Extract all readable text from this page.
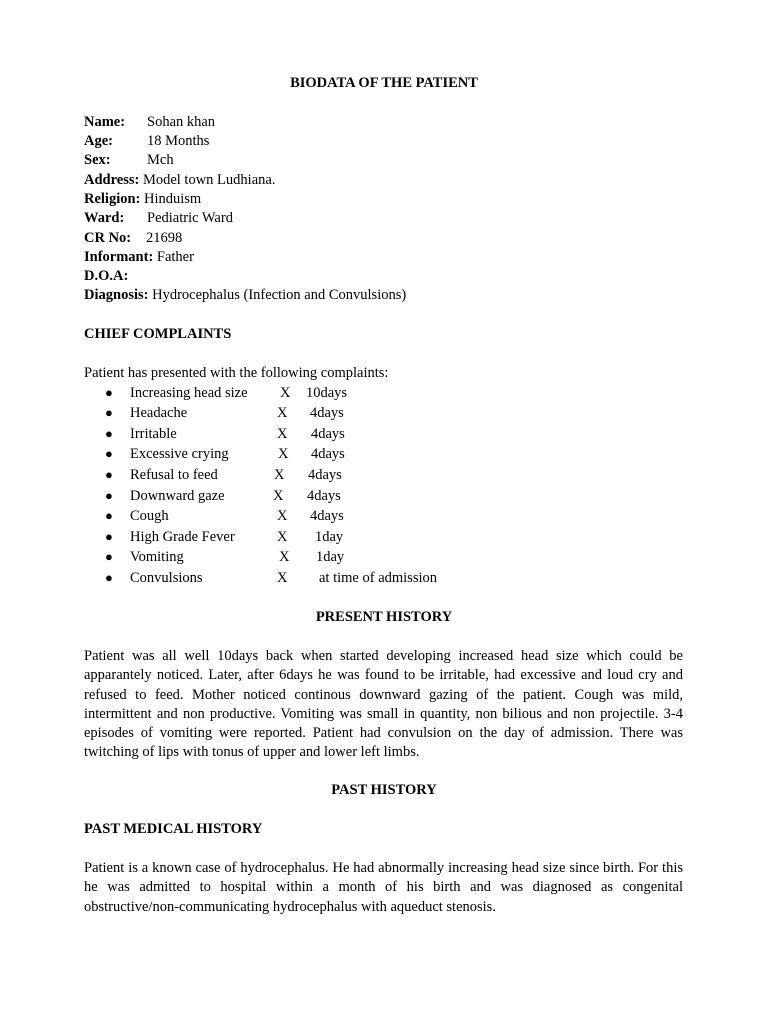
BIODATA OF THE PATIENT
Name: Sohan khan
Age: 18 Months
Sex:	Mch
Address: Model town Ludhiana.
Religion: Hinduism
Ward: Pediatric Ward
CR No: 21698
Informant: Father
D.O.A:
Diagnosis: Hydrocephalus (Infection and Convulsions)
CHIEF COMPLAINTS
Patient has presented with the following complaints:
● Increasing head size X 10days
● Headache	X 4days
● Irritable	X 4days
● Excessive crying	X 4days
● Refusal to feed	X 4days
● Downward gaze	X 4days
● Cough	X 4days
● High Grade Fever	X 1day
● Vomiting	X 1day
● Convulsions	X at time of admission
PRESENT HISTORY

Patient was all well 10days back when started developing increased head size which could be apparantely noticed. Later, after 6days he was found to be irritable, had excessive and loud cry and refused to feed. Mother noticed continous downward gazing of the patient. Cough was mild, intermittent and non productive. Vomiting was small in quantity, non bilious and non projectile. 3-4 episodes of vomiting were reported. Patient had convulsion on the day of admission. There was twitching of lips with tonus of upper and lower left limbs.

PAST HISTORY
PAST MEDICAL HISTORY

Patient is a known case of hydrocephalus. He had abnormally increasing head size since birth. For this he was admitted to hospital within a month of his birth and was diagnosed as congenital obstructive/non-communicating hydrocephalus with aqueduct stenosis.
